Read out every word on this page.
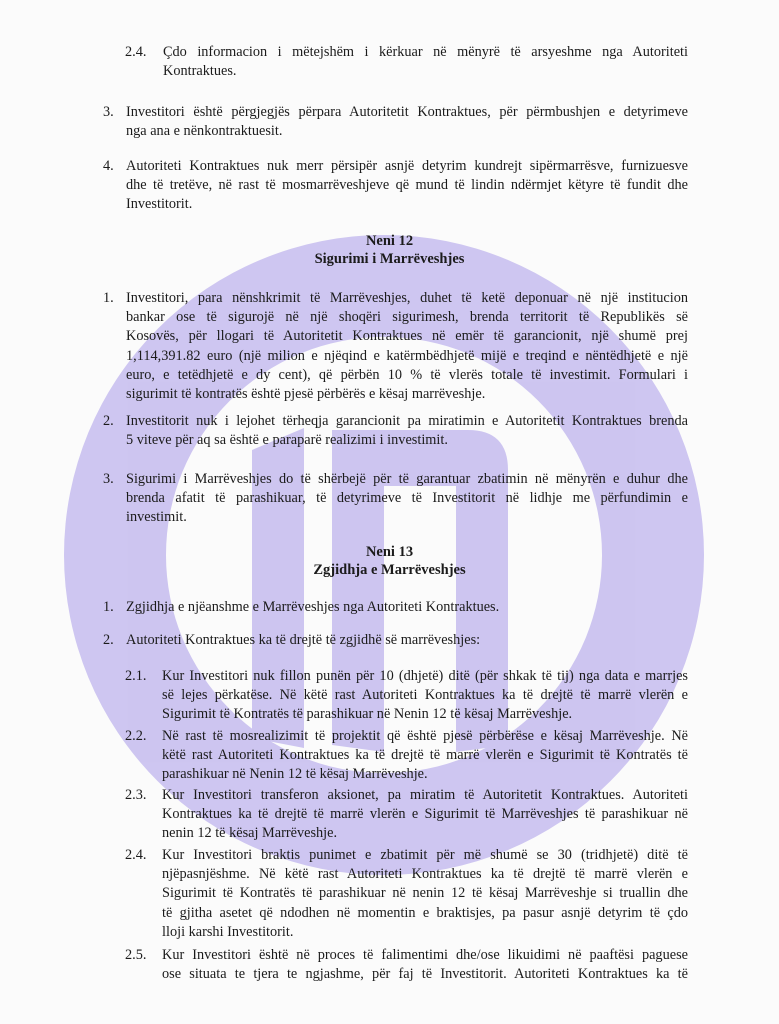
2.4. Çdo informacion i mëtejshëm i kërkuar në mënyrë të arsyeshme nga Autoriteti
Kontraktues.
3. Investitori është përgjegjës përpara Autoritetit Kontraktues, për përmbushjen e detyrimeve
nga ana e nënkontraktuesit.
4. Autoriteti Kontraktues nuk merr përsipër asnjë detyrim kundrejt sipërmarrësve, furnizuesve
dhe të tretëve, në rast të mosmarrëveshjeve që mund të lindin ndërmjet këtyre të fundit dhe
Investitorit.
Neni 12
Sigurimi i Marrëveshjes
1. Investitori, para nënshkrimit të Marrëveshjes, duhet të ketë deponuar në një institucion
bankar ose të sigurojë në një shoqëri sigurimesh, brenda territorit të Republikës së
Kosovës, për llogari të Autoritetit Kontraktues në emër të garancionit, një shumë prej
1,114,391.82 euro (një milion e njëqind e katërmbëdhjetë mijë e treqind e nëntëdhjetë e një
euro, e tetëdhjetë e dy cent), që përbën 10 % të vlerës totale të investimit. Formulari i
sigurimit të kontratës është pjesë përbërës e kësaj marrëveshje.
2. Investitorit nuk i lejohet tërheqja garancionit pa miratimin e Autoritetit Kontraktues brenda
5 viteve për aq sa është e paraparë realizimi i investimit.
3. Sigurimi i Marrëveshjes do të shërbejë për të garantuar zbatimin në mënyrën e duhur dhe
brenda afatit të parashikuar, të detyrimeve të Investitorit në lidhje me përfundimin e
investimit.
Neni 13
Zgjidhja e Marrëveshjes
1. Zgjidhja e njëanshme e Marrëveshjes nga Autoriteti Kontraktues.
2. Autoriteti Kontraktues ka të drejtë të zgjidhë së marrëveshjes:
2.1. Kur Investitori nuk fillon punën për 10 (dhjetë) ditë (për shkak të tij) nga data e marrjes
së lejes përkatëse. Në këtë rast Autoriteti Kontraktues ka të drejtë të marrë vlerën e
Sigurimit të Kontratës të parashikuar në Nenin 12 të kësaj Marrëveshje.
2.2. Në rast të mosrealizimit të projektit që është pjesë përbërëse e kësaj Marrëveshje. Në
këtë rast Autoriteti Kontraktues ka të drejtë të marrë vlerën e Sigurimit të Kontratës të
parashikuar në Nenin 12 të kësaj Marrëveshje.
2.3. Kur Investitori transferon aksionet, pa miratim të Autoritetit Kontraktues. Autoriteti
Kontraktues ka të drejtë të marrë vlerën e Sigurimit të Marrëveshjes të parashikuar në
nenin 12 të kësaj Marrëveshje.
2.4. Kur Investitori braktis punimet e zbatimit për më shumë se 30 (tridhjetë) ditë të
njëpasnjëshme. Në këtë rast Autoriteti Kontraktues ka të drejtë të marrë vlerën e
Sigurimit të Kontratës të parashikuar në nenin 12 të kësaj Marrëveshje si truallin dhe
të gjitha asetet që ndodhen në momentin e braktisjes, pa pasur asnjë detyrim të çdo
lloji karshi Investitorit.
2.5. Kur Investitori është në proces të falimentimi dhe/ose likuidimi në paaftësi paguese
ose situata te tjera te ngjashme, për faj të Investitorit. Autoriteti Kontraktues ka të
